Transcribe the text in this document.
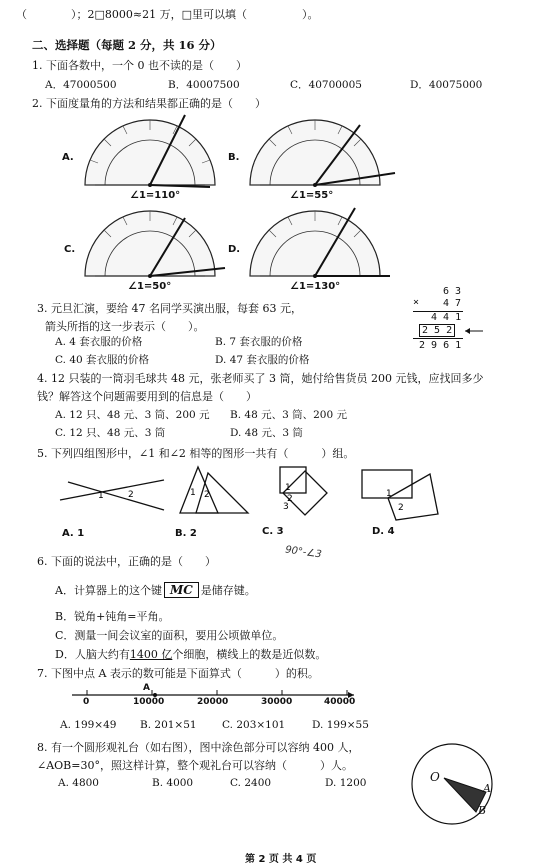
（　　　　）；2□8000≈21 万，□里可以填（　　　　　）。
二、选择题（每题 2 分，共 16 分）
1. 下面各数中，一个 0 也不读的是（　　）
A．47000500	B．40007500	C．40700005	D．40075000
2. 下面度量角的方法和结果都正确的是（　　）
A.
∠1=110°
B.
∠1=55°
C.
∠1=50°
D.
∠1=130°
3. 元旦汇演，要给 47 名同学买演出服，每套 63 元，
箭头所指的这一步表示（　　）。
A. 4 套衣服的价格	B. 7 套衣服的价格
C. 40 套衣服的价格	D. 47 套衣服的价格
6 3
× 4 7
4 4 1
2 5 2
2 9 6 1
4. 12 只装的一筒羽毛球共 48 元，张老师买了 3 筒，她付给售货员 200 元钱，应找回多少
钱？解答这个问题需要用到的信息是（　　）
A. 12 只、48 元、3 筒、200 元 B. 48 元、3 筒、200 元
C. 12 只、48 元、3 筒	D. 48 元、3 筒
5. 下列四组图形中，∠1 和∠2 相等的图形一共有（　　　）组。
1	2
A. 1
1 2
B. 2
1
2
3
C. 3
1
2
D. 4
90°-∠3
6. 下面的说法中，正确的是（　　）
A．计算器上的这个键 MC 是储存键。
B．锐角+钝角=平角。
C．测量一间会议室的面积，要用公顷做单位。
D．人脑大约有1400 亿个细胞，横线上的数是近似数。
7. 下图中点 A 表示的数可能是下面算式（　　　）的积。
A
0	10000	20000	30000	40000
A. 199×49 B. 201×51 C. 203×101	D. 199×55
8. 有一个圆形观礼台（如右图），图中涂色部分可以容纳 400 人，
∠AOB=30°，照这样计算，整个观礼台可以容纳（　　　）人。
A. 4800	B. 4000	C. 2400	D. 1200	O
A
B
第 2 页 共 4 页
